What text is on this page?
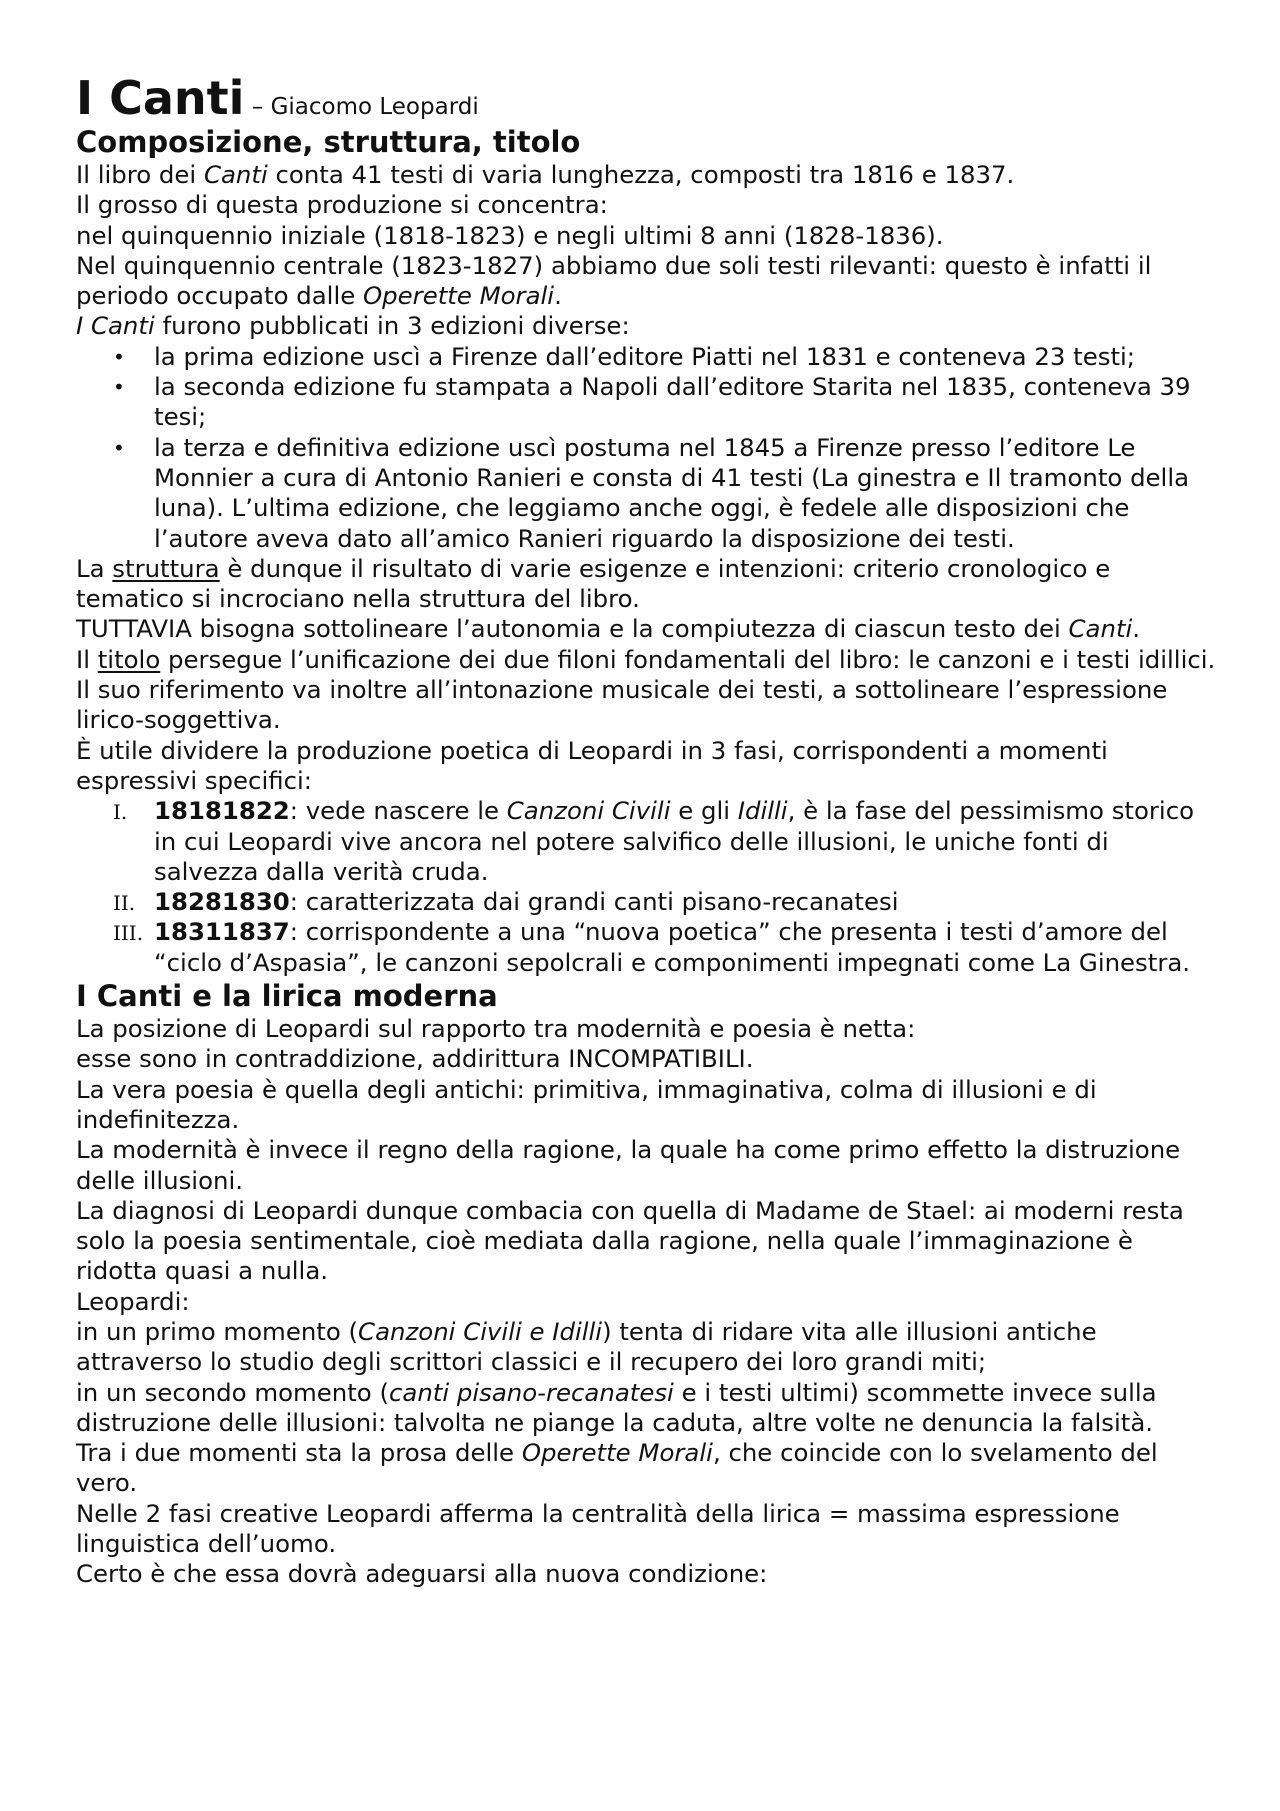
I Canti – Giacomo Leopardi
Composizione, struttura, titolo

Il libro dei Canti conta 41 testi di varia lunghezza, composti tra 1816 e 1837.

Il grosso di questa produzione si concentra:

nel quinquennio iniziale (1818-1823) e negli ultimi 8 anni (1828-1836).

Nel quinquennio centrale (1823-1827) abbiamo due soli testi rilevanti: questo è infatti il periodo occupato dalle Operette Morali.

I Canti furono pubblicati in 3 edizioni diverse:

• la prima edizione uscì a Firenze dall’editore Piatti nel 1831 e conteneva 23 testi;
• la seconda edizione fu stampata a Napoli dall’editore Starita nel 1835, conteneva 39 tesi;
• la terza e definitiva edizione uscì postuma nel 1845 a Firenze presso l’editore Le Monnier a cura di Antonio Ranieri e consta di 41 testi (La ginestra e Il tramonto della luna). L’ultima edizione, che leggiamo anche oggi, è fedele alle disposizioni che l’autore aveva dato all’amico Ranieri riguardo la disposizione dei testi.

La struttura è dunque il risultato di varie esigenze e intenzioni: criterio cronologico e tematico si incrociano nella struttura del libro.

TUTTAVIA bisogna sottolineare l’autonomia e la compiutezza di ciascun testo dei Canti.

Il titolo persegue l’unificazione dei due filoni fondamentali del libro: le canzoni e i testi idillici. Il suo riferimento va inoltre all’intonazione musicale dei testi, a sottolineare l’espressione lirico-soggettiva.

È utile dividere la produzione poetica di Leopardi in 3 fasi, corrispondenti a momenti espressivi specifici:

I. 18181822: vede nascere le Canzoni Civili e gli Idilli, è la fase del pessimismo storico in cui Leopardi vive ancora nel potere salvifico delle illusioni, le uniche fonti di salvezza dalla verità cruda.
II. 18281830: caratterizzata dai grandi canti pisano-recanatesi
III. 18311837: corrispondente a una “nuova poetica” che presenta i testi d’amore del “ciclo d’Aspasia”, le canzoni sepolcrali e componimenti impegnati come La Ginestra.
I Canti e la lirica moderna

La posizione di Leopardi sul rapporto tra modernità e poesia è netta:

esse sono in contraddizione, addirittura INCOMPATIBILI.

La vera poesia è quella degli antichi: primitiva, immaginativa, colma di illusioni e di indefinitezza.

La modernità è invece il regno della ragione, la quale ha come primo effetto la distruzione delle illusioni.

La diagnosi di Leopardi dunque combacia con quella di Madame de Stael: ai moderni resta solo la poesia sentimentale, cioè mediata dalla ragione, nella quale l’immaginazione è ridotta quasi a nulla.

Leopardi:

in un primo momento (Canzoni Civili e Idilli) tenta di ridare vita alle illusioni antiche attraverso lo studio degli scrittori classici e il recupero dei loro grandi miti;

in un secondo momento (canti pisano-recanatesi e i testi ultimi) scommette invece sulla distruzione delle illusioni: talvolta ne piange la caduta, altre volte ne denuncia la falsità.

Tra i due momenti sta la prosa delle Operette Morali, che coincide con lo svelamento del vero.

Nelle 2 fasi creative Leopardi afferma la centralità della lirica = massima espressione linguistica dell’uomo.

Certo è che essa dovrà adeguarsi alla nuova condizione:
